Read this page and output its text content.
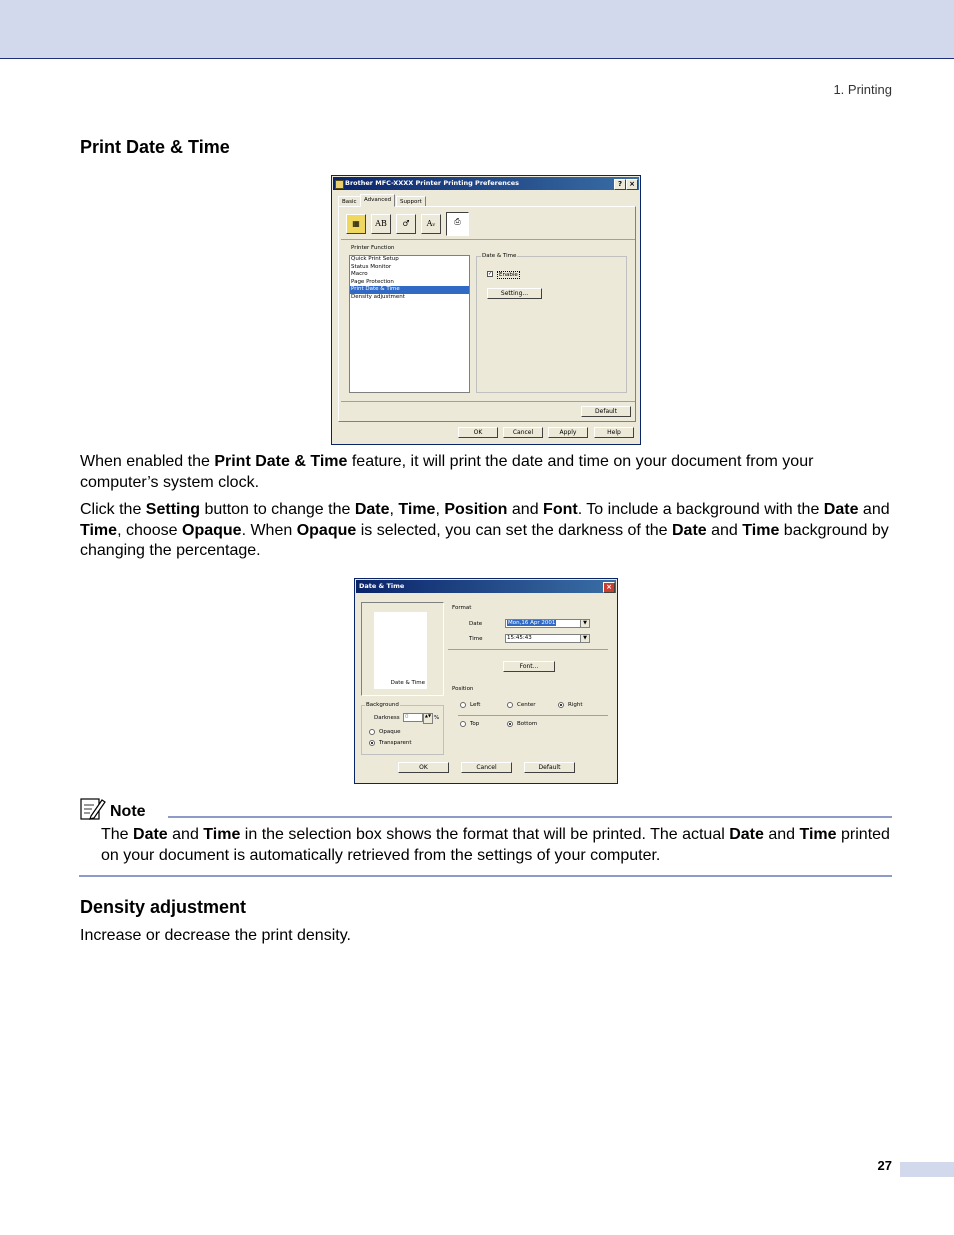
1. Printing
Print Date & Time
Brother MFC-XXXX Printer Printing Preferences	?	×
Basic	Advanced	Support
▦	AB	♂	Aᵥ	⎙
Printer Function
Quick Print Setup
Status Monitor
Macro
Page Protection
Print Date & Time
Density adjustment
Date & Time
✓	Enable
Setting...
Default
OK	Cancel	Apply	Help

When enabled the Print Date & Time feature, it will print the date and time on your document from your computer’s system clock.

Click the Setting button to change the Date, Time, Position and Font. To include a background with the Date and Time, choose Opaque. When Opaque is selected, you can set the darkness of the Date and Time background by changing the percentage.

Date & Time	×
Date & Time
Format
Date	Mon,16 Apr 2001	▼
Time	15:45:43	▼
Font...
Position
Left	Center	Right
Top	Bottom
Background
Darkness 0	▲▼ %
Opaque
Transparent
OK	Cancel	Default
Note

The Date and Time in the selection box shows the format that will be printed. The actual Date and Time printed on your document is automatically retrieved from the settings of your computer.

Density adjustment

Increase or decrease the print density.

27
